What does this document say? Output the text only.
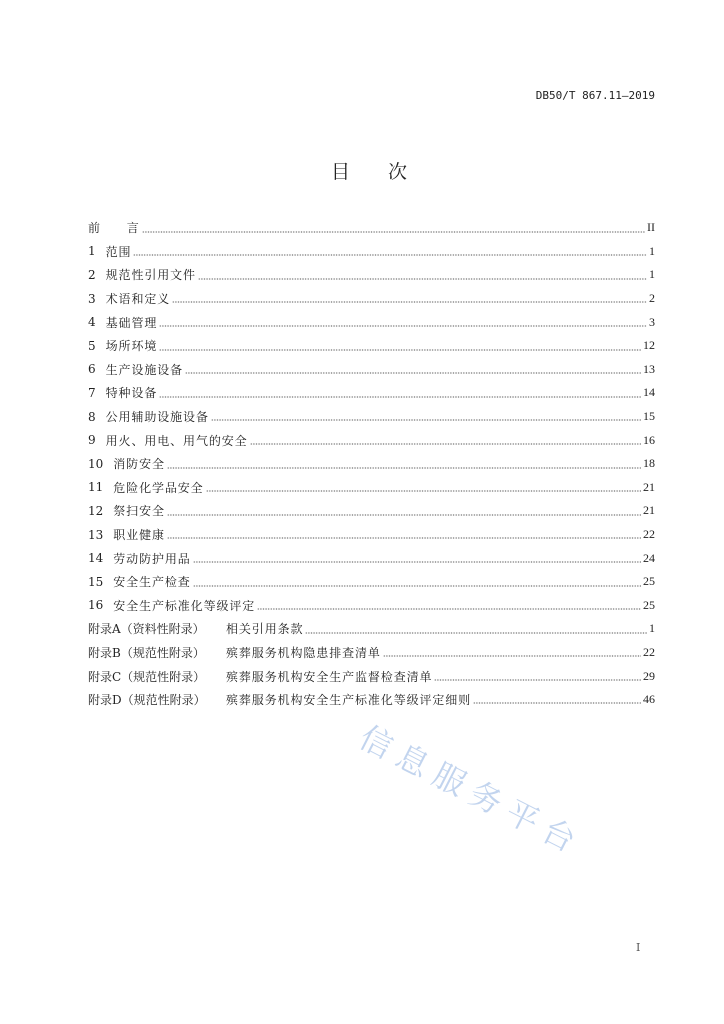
DB50/T 867.11—2019
目　　次
信息服务平台
前　　言	II
1 范围	1
2 规范性引用文件	1
3 术语和定义	2
4 基础管理	3
5 场所环境	12
6 生产设施设备	13
7 特种设备	14
8 公用辅助设施设备	15
9 用火、用电、用气的安全	16
10 消防安全	18
11 危险化学品安全	21
12 祭扫安全	21
13 职业健康	22
14 劳动防护用品	24
15 安全生产检查	25
16 安全生产标准化等级评定	25
附录A（资料性附录）	相关引用条款	1
附录B（规范性附录）	殡葬服务机构隐患排查清单	22
附录C（规范性附录）	殡葬服务机构安全生产监督检查清单	29
附录D（规范性附录）	殡葬服务机构安全生产标准化等级评定细则	46
I
